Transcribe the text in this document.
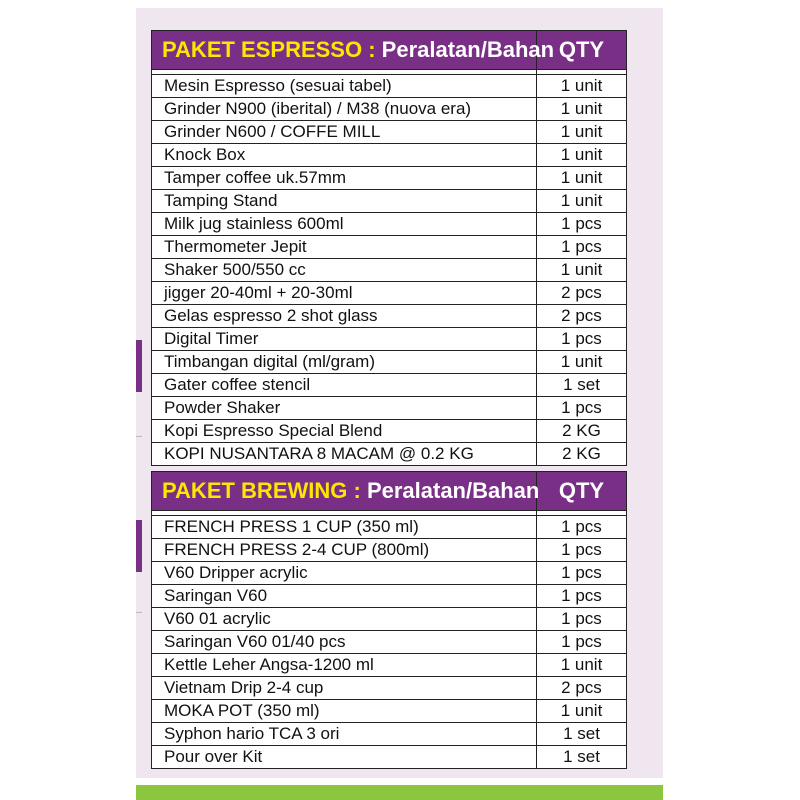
PAKET ESPRESSO : Peralatan/Bahan	QTY

Mesin Espresso (sesuai tabel)	1 unit
Grinder N900 (iberital) / M38 (nuova era)	1 unit
Grinder N600 / COFFE MILL	1 unit
Knock Box	1 unit
Tamper coffee uk.57mm	1 unit
Tamping Stand	1 unit
Milk jug stainless 600ml	1 pcs
Thermometer Jepit	1 pcs
Shaker 500/550 cc	1 unit
jigger 20-40ml + 20-30ml	2 pcs
Gelas espresso 2 shot glass	2 pcs
Digital Timer	1 pcs
Timbangan digital (ml/gram)	1 unit
Gater coffee stencil	1 set
Powder Shaker	1 pcs
Kopi Espresso Special Blend	2 KG
KOPI NUSANTARA 8 MACAM @ 0.2 KG	2 KG
PAKET BREWING : Peralatan/Bahan	QTY

FRENCH PRESS 1 CUP (350 ml)	1 pcs
FRENCH PRESS 2-4 CUP (800ml)	1 pcs
V60 Dripper acrylic	1 pcs
Saringan V60	1 pcs
V60 01 acrylic	1 pcs
Saringan V60 01/40 pcs	1 pcs
Kettle Leher Angsa-1200 ml	1 unit
Vietnam Drip 2-4 cup	2 pcs
MOKA POT (350 ml)	1 unit
Syphon hario TCA 3 ori	1 set
Pour over Kit	1 set
